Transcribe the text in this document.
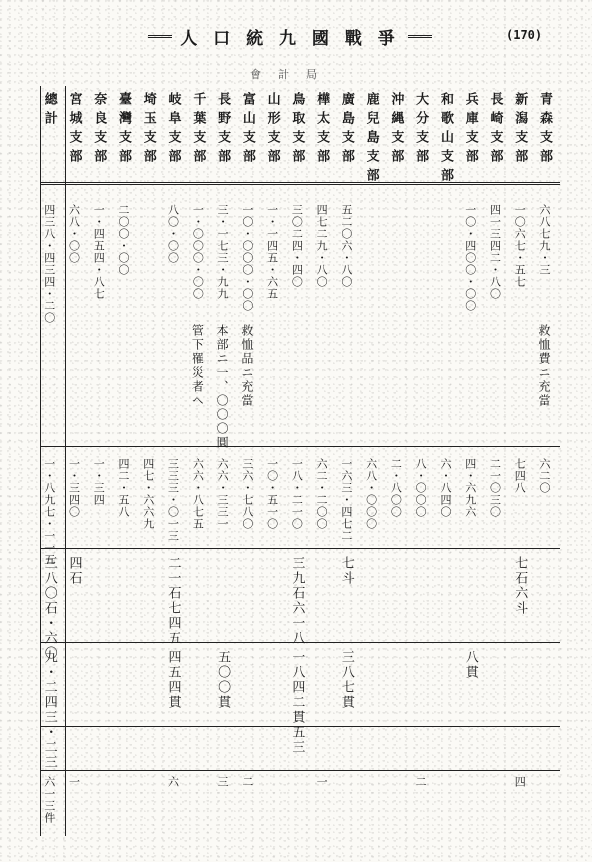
人 口 統 九 國 戰 爭	(170)
會　計　局
青森支部
六八七九・三
救恤費ニ充當
六二〇
新潟支部
一〇六七・五七
七四八
七石六斗
四
長崎支部
四一三四二・八〇
二一〇三〇
兵庫支部
一〇・四〇〇・〇〇
四・六九六
八貫
和歌山支部
六・八四〇
大分支部
八・〇〇〇
二
沖縄支部
二・八〇〇
鹿兒島支部
六八・〇〇〇
廣島支部
五二〇六・八〇
一六三・四七二
七斗
三八七貫
樺太支部
四七二九・八〇
六二・二〇〇
一
鳥取支部
三〇二四・四〇
一八・二一〇
三九石六一八
一八四二貫五三
山形支部
一・一四五・六五
一〇・五一〇
富山支部
一〇・〇〇〇・〇〇
救恤品ニ充當
三六・七八〇
二
長野支部
三・一七三・九九
本部ニ一、〇〇〇圓
六六・三三一
五〇〇貫
三
千葉支部
一・〇〇〇・〇〇
管下罹災者ヘ
六六・八七五
岐阜支部
八〇・〇〇
三三三・〇一三
二一石七四五
四五四貫
六
埼玉支部
四七・六六九
臺灣支部
二〇〇・〇〇
四二・五八
奈良支部
一・四五四・八七
一・三四
宮城支部
六八・〇〇
一・三四〇
四石
一
總計
四三八・四三四・二〇
一・八九七・一一五
三八〇石・六〇
九・二四三・二三
六一三件
